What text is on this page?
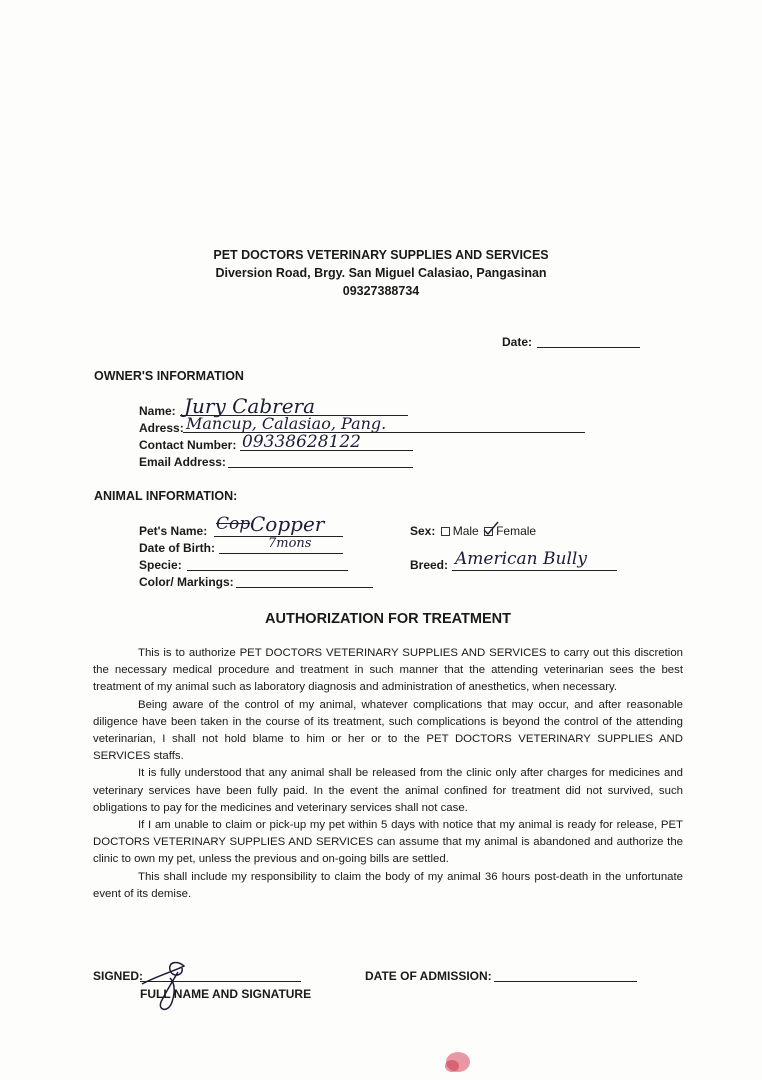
PET DOCTORS VETERINARY SUPPLIES AND SERVICES
Diversion Road, Brgy. San Miguel Calasiao, Pangasinan
09327388734
Date:
OWNER'S INFORMATION
Name: Jury Cabrera
Adress: Mancup, Calasiao, Pang.
Contact Number: 09338628122
Email Address:
ANIMAL INFORMATION:
Pet's Name: Cop Copper
Date of Birth:	7mons
Specie:
Color/ Markings:
Sex: Male Female
Breed: American Bully
AUTHORIZATION FOR TREATMENT

This is to authorize PET DOCTORS VETERINARY SUPPLIES AND SERVICES to carry out this discretion the necessary medical procedure and treatment in such manner that the attending veterinarian sees the best treatment of my animal such as laboratory diagnosis and administration of anesthetics, when necessary.

Being aware of the control of my animal, whatever complications that may occur, and after reasonable diligence have been taken in the course of its treatment, such complications is beyond the control of the attending veterinarian, I shall not hold blame to him or her or to the PET DOCTORS VETERINARY SUPPLIES AND SERVICES staffs.

It is fully understood that any animal shall be released from the clinic only after charges for medicines and veterinary services have been fully paid. In the event the animal confined for treatment did not survived, such obligations to pay for the medicines and veterinary services shall not case.

If I am unable to claim or pick-up my pet within 5 days with notice that my animal is ready for release, PET DOCTORS VETERINARY SUPPLIES AND SERVICES can assume that my animal is abandoned and authorize the clinic to own my pet, unless the previous and on-going bills are settled.

This shall include my responsibility to claim the body of my animal 36 hours post-death in the unfortunate event of its demise.

SIGNED:
FULL NAME AND SIGNATURE
DATE OF ADMISSION:
